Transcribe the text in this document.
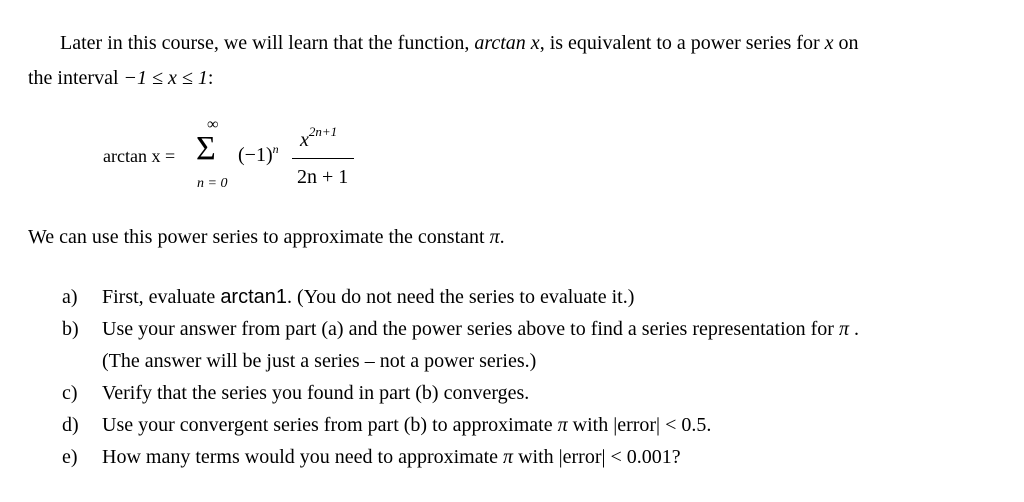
Later in this course, we will learn that the function, arctan x, is equivalent to a power series for x on
the interval −1 ≤ x ≤ 1:
arctan x =
∞
Σ
n = 0
$(-1)^n$ $x^{2n+1}$
2n + 1
We can use this power series to approximate the constant π.
a) First, evaluate arctan1. (You do not need the series to evaluate it.)
b) Use your answer from part (a) and the power series above to find a series representation for π .
(The answer will be just a series – not a power series.)
c) Verify that the series you found in part (b) converges.
d) Use your convergent series from part (b) to approximate π with |error| < 0.5.
e) How many terms would you need to approximate π with |error| < 0.001?
